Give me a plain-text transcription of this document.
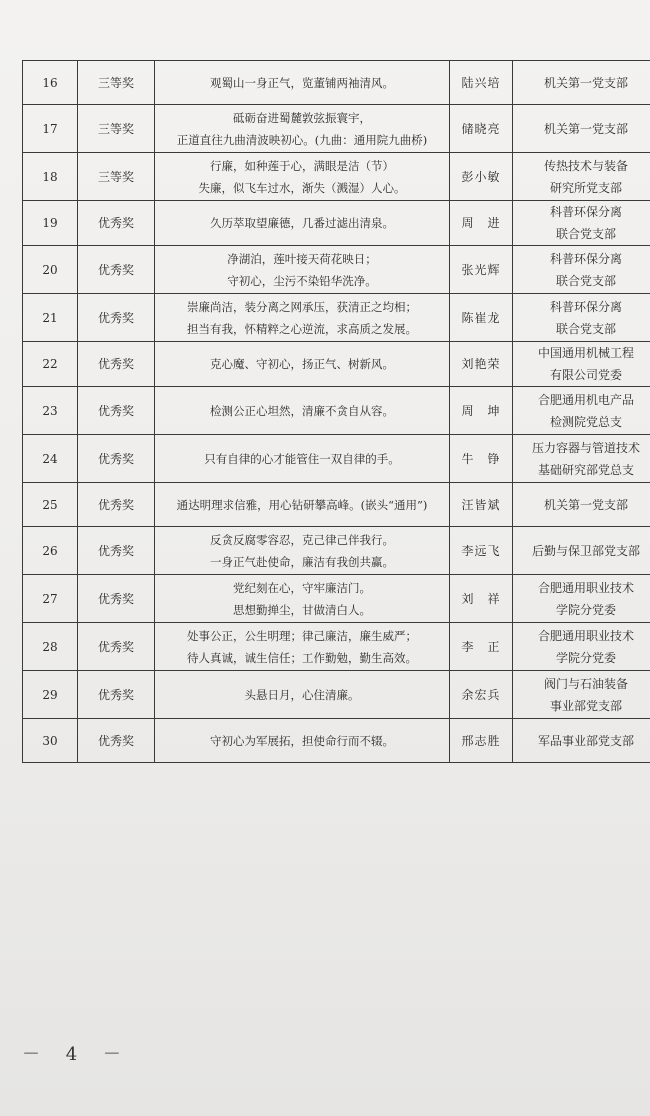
16	三等奖	观蜀山一身正气，览董铺两袖清风。	陆兴培	机关第一党支部

17	三等奖	砥砺奋进蜀麓敦弦振寰宇，
正道直往九曲清波映初心。(九曲：通用院九曲桥)	储晓亮	机关第一党支部

18	三等奖	行廉，如种莲于心，满眼是洁（节）
失廉，似飞车过水，渐失（溅湿）人心。	彭小敏	传热技术与装备
研究所党支部

19	优秀奖	久历萃取望廉德，几番过滤出清泉。	周　进	科普环保分离
联合党支部

20	优秀奖	净湖泊，莲叶接天荷花映日；
守初心，尘污不染铅华洗净。	张光辉	科普环保分离
联合党支部

21	优秀奖	崇廉尚洁，装分离之网承压，获清正之均相；
担当有我，怀精粹之心逆流，求高质之发展。	陈崔龙	科普环保分离
联合党支部

22	优秀奖	克心魔、守初心，扬正气、树新风。	刘艳荣	中国通用机械工程
有限公司党委

23	优秀奖	检测公正心坦然，清廉不贪自从容。	周　坤	合肥通用机电产品
检测院党总支

24	优秀奖	只有自律的心才能管住一双自律的手。	牛　铮	压力容器与管道技术
基础研究部党总支

25	优秀奖	通达明理求信雅，用心钻研攀高峰。(嵌头“通用”)	汪皆斌	机关第一党支部

26	优秀奖	反贪反腐零容忍，克己律己伴我行。
一身正气赴使命，廉洁有我创共赢。	李远飞	后勤与保卫部党支部

27	优秀奖	党纪刻在心，守牢廉洁门。
思想勤掸尘，甘做清白人。	刘　祥	合肥通用职业技术
学院分党委

28	优秀奖	处事公正，公生明理；律己廉洁，廉生威严；
待人真诚，诚生信任；工作勤勉，勤生高效。	李　正	合肥通用职业技术
学院分党委

29	优秀奖	头悬日月，心住清廉。	余宏兵	阀门与石油装备
事业部党支部

30	优秀奖	守初心为军展拓，担使命行而不辍。	邢志胜	军品事业部党支部
－ 4 －
